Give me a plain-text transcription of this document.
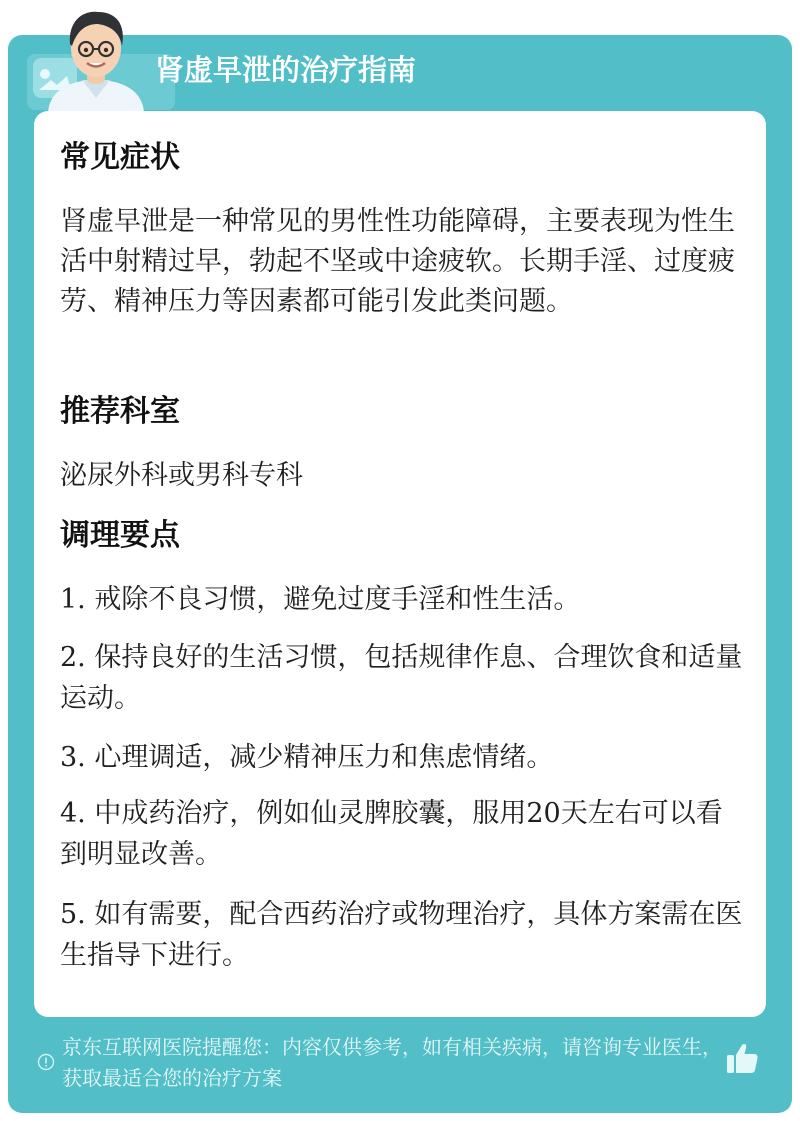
肾虚早泄的治疗指南
常见症状
肾虚早泄是一种常见的男性性功能障碍，主要表现为性生活中射精过早，勃起不坚或中途疲软。长期手淫、过度疲劳、精神压力等因素都可能引发此类问题。
推荐科室
泌尿外科或男科专科
调理要点
1. 戒除不良习惯，避免过度手淫和性生活。
2. 保持良好的生活习惯，包括规律作息、合理饮食和适量运动。
3. 心理调适，减少精神压力和焦虑情绪。
4. 中成药治疗，例如仙灵脾胶囊，服用20天左右可以看到明显改善。
5. 如有需要，配合西药治疗或物理治疗，具体方案需在医生指导下进行。
京东互联网医院提醒您：内容仅供参考，如有相关疾病，请咨询专业医生，获取最适合您的治疗方案
